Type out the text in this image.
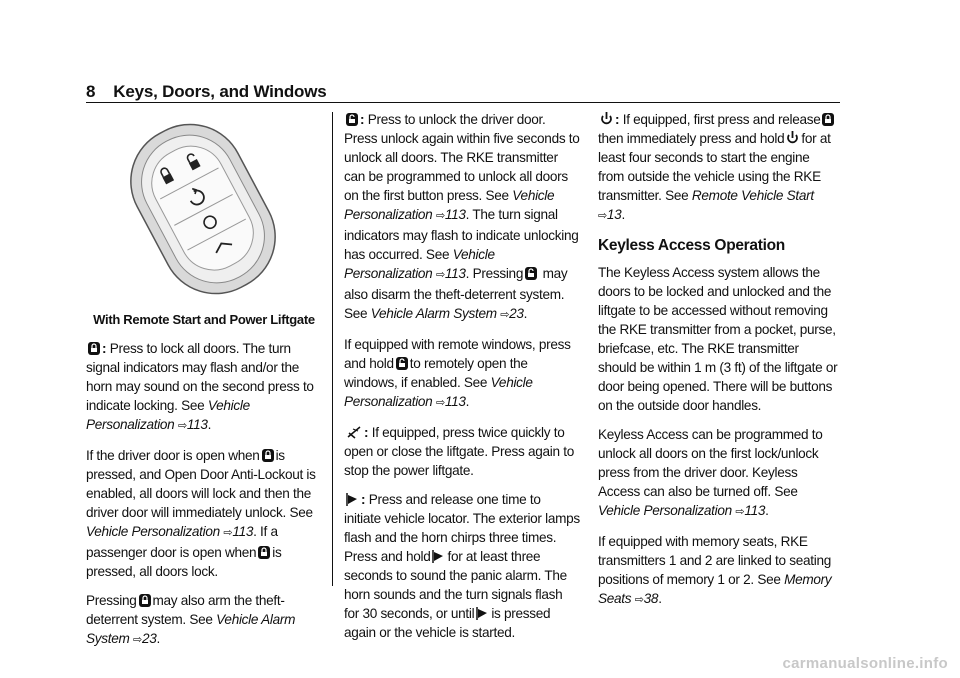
8 Keys, Doors, and Windows

With Remote Start and Power Liftgate

: Press to lock all doors. The turn signal indicators may flash and/or the horn may sound on the second press to indicate locking. See Vehicle Personalization ⇨113.

If the driver door is open when is pressed, and Open Door Anti-Lockout is enabled, all doors will lock and then the driver door will immediately unlock. See Vehicle Personalization ⇨113. If a passenger door is open when is pressed, all doors lock.

Pressing may also arm the theft-deterrent system. See Vehicle Alarm System ⇨23.

: Press to unlock the driver door. Press unlock again within five seconds to unlock all doors. The RKE transmitter can be programmed to unlock all doors on the first button press. See Vehicle Personalization ⇨113. The turn signal indicators may flash to indicate unlocking has occurred. See Vehicle Personalization ⇨113. Pressing may also disarm the theft-deterrent system. See Vehicle Alarm System ⇨23.

If equipped with remote windows, press and hold to remotely open the windows, if enabled. See Vehicle Personalization ⇨113.

: If equipped, press twice quickly to open or close the liftgate. Press again to stop the power liftgate.

: Press and release one time to initiate vehicle locator. The exterior lamps flash and the horn chirps three times. Press and hold for at least three seconds to sound the panic alarm. The horn sounds and the turn signals flash for 30 seconds, or until is pressed again or the vehicle is started.

: If equipped, first press and release then immediately press and hold for at least four seconds to start the engine from outside the vehicle using the RKE transmitter. See Remote Vehicle Start ⇨13.

Keyless Access Operation

The Keyless Access system allows the doors to be locked and unlocked and the liftgate to be accessed without removing the RKE transmitter from a pocket, purse, briefcase, etc. The RKE transmitter should be within 1 m (3 ft) of the liftgate or door being opened. There will be buttons on the outside door handles.

Keyless Access can be programmed to unlock all doors on the first lock/unlock press from the driver door. Keyless Access can also be turned off. See Vehicle Personalization ⇨113.

If equipped with memory seats, RKE transmitters 1 and 2 are linked to seating positions of memory 1 or 2. See Memory Seats ⇨38.

carmanualsonline.info
